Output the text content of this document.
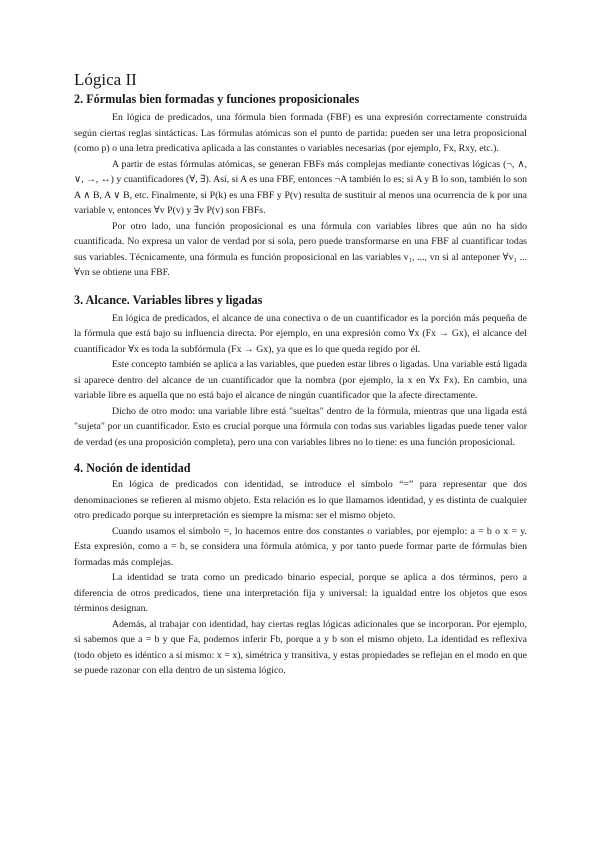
Lógica II
2. Fórmulas bien formadas y funciones proposicionales

En lógica de predicados, una fórmula bien formada (FBF) es una expresión correctamente construida según ciertas reglas sintácticas. Las fórmulas atómicas son el punto de partida: pueden ser una letra proposicional (como p) o una letra predicativa aplicada a las constantes o variables necesarias (por ejemplo, Fx, Rxy, etc.).

A partir de estas fórmulas atómicas, se generan FBFs más complejas mediante conectivas lógicas (¬, ∧, ∨, →, ↔) y cuantificadores (∀, ∃). Así, si A es una FBF, entonces ¬A también lo es; si A y B lo son, también lo son A ∧ B, A ∨ B, etc. Finalmente, si P(k) es una FBF y P(v) resulta de sustituir al menos una ocurrencia de k por una variable v, entonces ∀v P(v) y ∃v P(v) son FBFs.

Por otro lado, una función proposicional es una fórmula con variables libres que aún no ha sido cuantificada. No expresa un valor de verdad por sí sola, pero puede transformarse en una FBF al cuantificar todas sus variables. Técnicamente, una fórmula es función proposicional en las variables v₁, ..., vn si al anteponer ∀v₁ ... ∀vn se obtiene una FBF.

3. Alcance. Variables libres y ligadas

En lógica de predicados, el alcance de una conectiva o de un cuantificador es la porción más pequeña de la fórmula que está bajo su influencia directa. Por ejemplo, en una expresión como ∀x (Fx → Gx), el alcance del cuantificador ∀x es toda la subfórmula (Fx → Gx), ya que es lo que queda regido por él.

Este concepto también se aplica a las variables, que pueden estar libres o ligadas. Una variable está ligada si aparece dentro del alcance de un cuantificador que la nombra (por ejemplo, la x en ∀x Fx). En cambio, una variable libre es aquella que no está bajo el alcance de ningún cuantificador que la afecte directamente.

Dicho de otro modo: una variable libre está "sueltas" dentro de la fórmula, mientras que una ligada está "sujeta" por un cuantificador. Esto es crucial porque una fórmula con todas sus variables ligadas puede tener valor de verdad (es una proposición completa), pero una con variables libres no lo tiene: es una función proposicional.

4. Noción de identidad

En lógica de predicados con identidad, se introduce el símbolo “=” para representar que dos denominaciones se refieren al mismo objeto. Esta relación es lo que llamamos identidad, y es distinta de cualquier otro predicado porque su interpretación es siempre la misma: ser el mismo objeto.

Cuando usamos el símbolo =, lo hacemos entre dos constantes o variables, por ejemplo: a = b o x = y. Esta expresión, como a = b, se considera una fórmula atómica, y por tanto puede formar parte de fórmulas bien formadas más complejas.

La identidad se trata como un predicado binario especial, porque se aplica a dos términos, pero a diferencia de otros predicados, tiene una interpretación fija y universal: la igualdad entre los objetos que esos términos designan.

Además, al trabajar con identidad, hay ciertas reglas lógicas adicionales que se incorporan. Por ejemplo, si sabemos que a = b y que Fa, podemos inferir Fb, porque a y b son el mismo objeto. La identidad es reflexiva (todo objeto es idéntico a sí mismo: x = x), simétrica y transitiva, y estas propiedades se reflejan en el modo en que se puede razonar con ella dentro de un sistema lógico.
